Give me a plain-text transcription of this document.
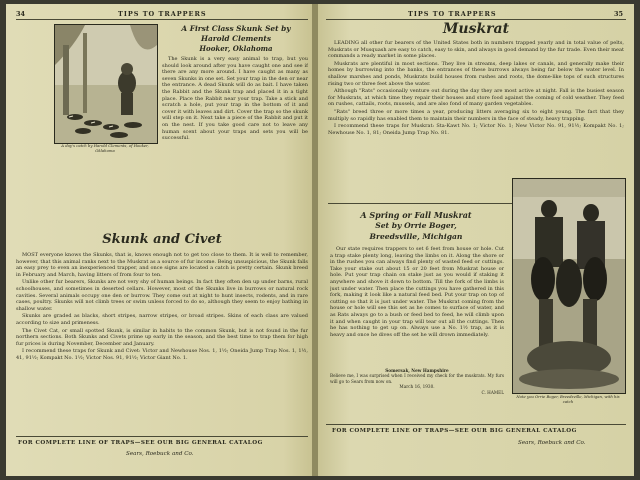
34	TIPS TO TRAPPERS
A day's catch by Harold Clements, of Hooker, Oklahoma
A First Class Skunk Set by
Harold Clements
Hooker, Oklahoma

The Skunk is a very easy animal to trap, but you should look around after you have caught one and see if there are any more around. I have caught as many as seven Skunks in one set. Set your trap in the den or near the entrance. A dead Skunk will do as bait. I have taken the Rabbit and the Skunk trap and placed it in a tight place. Place the Rabbit near your trap. Take a stick and scratch a hole, put your trap in the bottom of it and cover it with leaves and dirt. Cover the trap so the skunk will step on it. Next take a piece of the Rabbit and put it on the nest. If you take good care not to leave any human scent about your traps and sets you will be successful.

Skunk and Civet

MOST everyone knows the Skunks, that is, knows enough not to get too close to them. It is well to remember, however, that this animal ranks next to the Muskrat as a source of fur income. Being unsuspicious, the Skunk falls an easy prey to even an inexperienced trapper, and once signs are located a catch is pretty certain. Skunk breed in February and March, having litters of from four to ten.

Unlike other fur bearers, Skunks are not very shy of human beings. In fact they often den up under barns, rural schoolhouses, and sometimes in deserted cellars. However, most of the Skunks live in burrows or natural rock cavities. Several animals occupy one den or burrow. They come out at night to hunt insects, rodents, and in rare cases, poultry. Skunks will not climb trees or swim unless forced to do so, although they seem to enjoy bathing in shallow water.

Skunks are graded as blacks, short stripes, narrow stripes, or broad stripes. Skins of each class are valued according to size and primeness.

The Civet Cat, or small spotted Skunk, is similar in habits to the common Skunk, but is not found in the fur northern sections. Both Skunks and Civets prime up early in the season, and the best time to trap them for high fur prices is during November, December and January.

I recommend these traps for Skunk and Civet: Victor and Newhouse Nos. 1, 1½; Oneida Jump Trap Nos. 1, 1½, 41, 91½; Kompakt No. 1½; Victor Nos. 91, 91½; Victor Giant No. 1.

FOR COMPLETE LINE OF TRAPS—SEE OUR BIG GENERAL CATALOG
Sears, Roebuck and Co.
TIPS TO TRAPPERS	35
Muskrat

LEADING all other fur bearers of the United States both in numbers trapped yearly and in total value of pelts, Muskrats or Musquash are easy to catch, easy to skin, and always in good demand by the fur trade. Even their meat commands a ready market in some places.

Muskrats are plentiful in most sections. They live in streams, deep lakes or canals, and generally make their homes by burrowing into the banks, the entrances of these burrows always being far below the water level. In shallow marshes and ponds, Muskrats build houses from rushes and roots, the dome-like tops of such structures rising two or three feet above the water.

Although "Rats" occasionally venture out during the day they are most active at night. Fall is the busiest season for Muskrats, at which time they repair their houses and store food against the coming of cold weather. They feed on rushes, cattails, roots, mussels, and are also fond of many garden vegetables.

"Rats" breed three or more times a year, producing litters averaging six to eight young. The fact that they multiply so rapidly has enabled them to maintain their numbers in the face of steady, heavy trapping.

I recommend these traps for Muskrat: Sta-Kawt No. 1; Victor No. 1; New Victor No. 91, 91½; Kompakt No. 1; Newhouse No. 1, 81; Oneida Jump Trap No. 81.

A Spring or Fall Muskrat
Set by Orrie Boger,
Breedsville, Michigan

Our state requires trappers to set 6 feet from house or hole. Cut a trap stake plenty long, leaving the limbs on it. Along the shore or in the rushes you can always find plenty of wasted feed or cuttings. Take your stake out about 15 or 20 feet from Muskrat house or hole. Put your trap chain on stake just as you would if staking it anywhere and shove it down to bottom. Till the fork of the limbs is just under water. Then place the cuttings you have gathered in this fork, making it look like a natural feed bed. Put your trap on top of cutting so that it is just under water. The Muskrat coming from the house or hole will see this set as he comes to surface of water, and as Rats always go to a bush or feed bed to feed, he will climb upon it and when caught in your trap will tear out all the cuttings. Then he has nothing to get up on. Always use a No. 1½ trap, as it is heavy and once he dives off the set he will drown immediately.

Somersak, New Hampshire
Believe me, I was surprised when I received my check for the muskrats. My furs will go to Sears from now on.
March 16, 1930.
C. HAMEL
Note you Orrie Boger, Breedsville, Michigan, with his catch
FOR COMPLETE LINE OF TRAPS—SEE OUR BIG GENERAL CATALOG
Sears, Roebuck and Co.
